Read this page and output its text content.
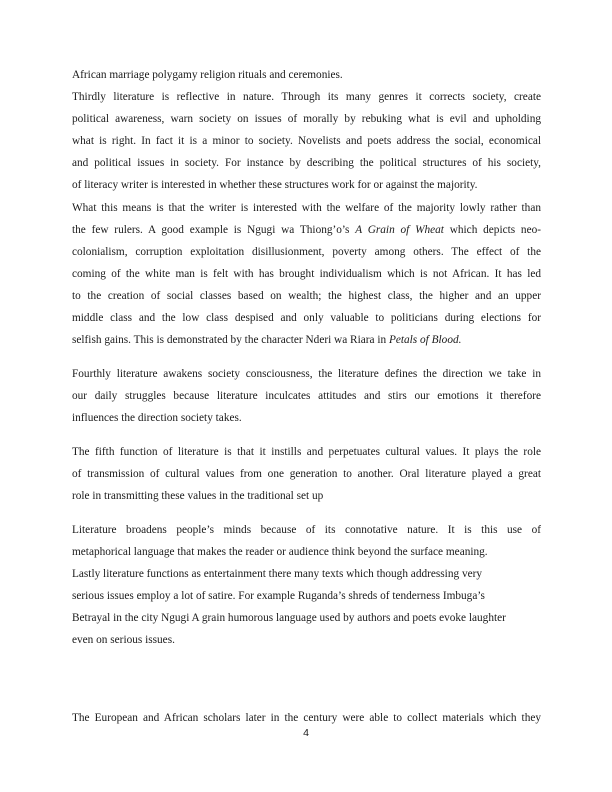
African marriage polygamy religion rituals and ceremonies.
Thirdly literature is reflective in nature. Through its many genres it corrects society, create
political awareness, warn society on issues of morally by rebuking what is evil and upholding
what is right. In fact it is a minor to society. Novelists and poets address the social, economical
and political issues in society. For instance by describing the political structures of his society,
of literacy writer is interested in whether these structures work for or against the majority.
What this means is that the writer is interested with the welfare of the majority lowly rather than
the few rulers. A good example is Ngugi wa Thiong’o’s A Grain of Wheat which depicts neo-
colonialism, corruption exploitation disillusionment, poverty among others. The effect of the
coming of the white man is felt with has brought individualism which is not African. It has led
to the creation of social classes based on wealth; the highest class, the higher and an upper
middle class and the low class despised and only valuable to politicians during elections for
selfish gains. This is demonstrated by the character Nderi wa Riara in Petals of Blood.
Fourthly literature awakens society consciousness, the literature defines the direction we take in
our daily struggles because literature inculcates attitudes and stirs our emotions it therefore
influences the direction society takes.
The fifth function of literature is that it instills and perpetuates cultural values. It plays the role
of transmission of cultural values from one generation to another. Oral literature played a great
role in transmitting these values in the traditional set up
Literature broadens people’s minds because of its connotative nature. It is this use of
metaphorical language that makes the reader or audience think beyond the surface meaning.
Lastly literature functions as entertainment there many texts which though addressing very
serious issues employ a lot of satire. For example Ruganda’s shreds of tenderness Imbuga’s
Betrayal in the city Ngugi A grain humorous language used by authors and poets evoke laughter
even on serious issues.
The European and African scholars later in the century were able to collect materials which they
4
